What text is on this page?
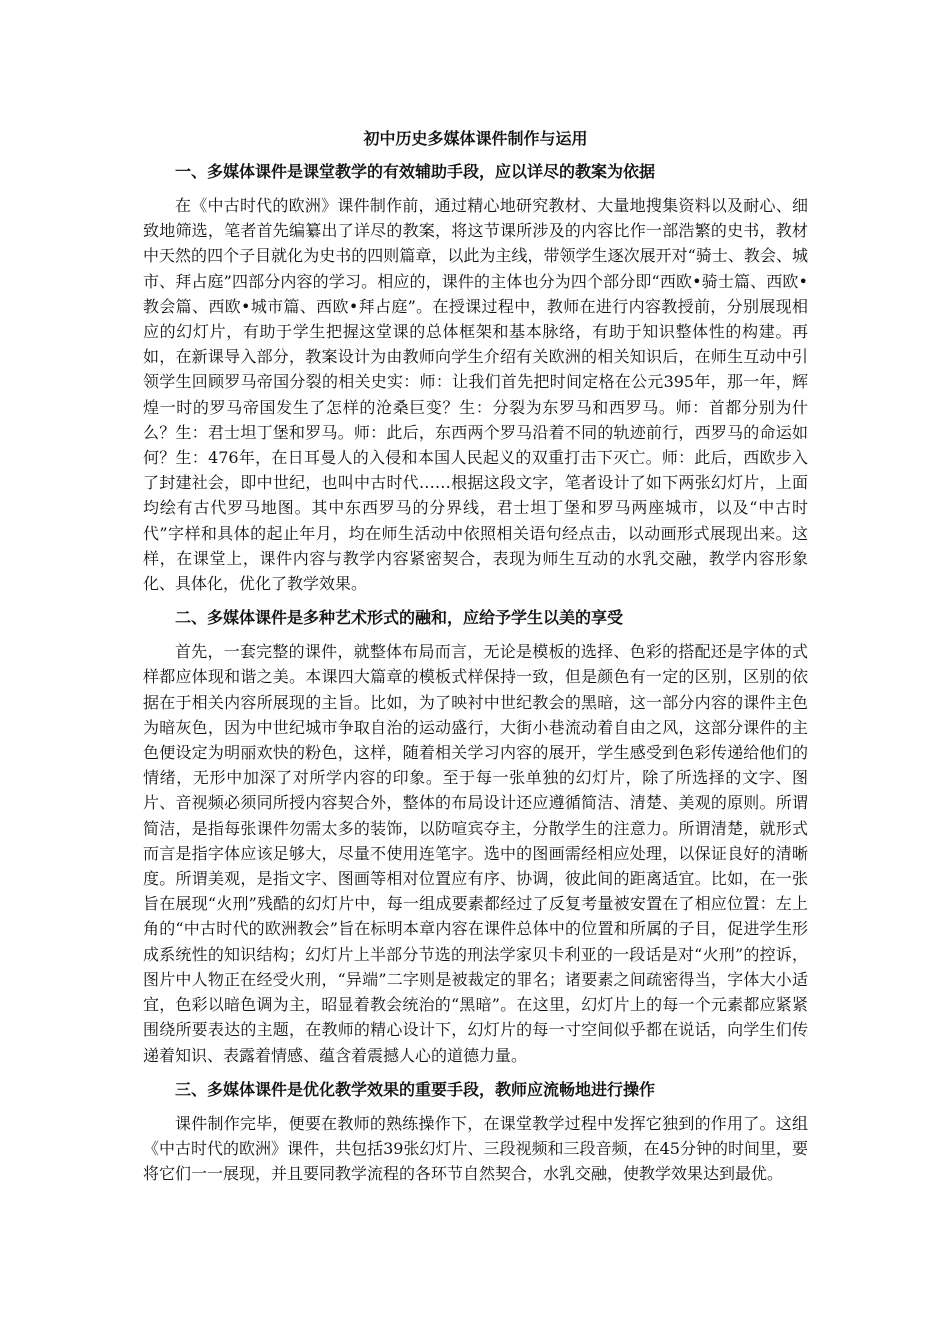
初中历史多媒体课件制作与运用
一、多媒体课件是课堂教学的有效辅助手段，应以详尽的教案为依据

在《中古时代的欧洲》课件制作前，通过精心地研究教材、大量地搜集资料以及耐心、细致地筛选，笔者首先编纂出了详尽的教案，将这节课所涉及的内容比作一部浩繁的史书，教材中天然的四个子目就化为史书的四则篇章，以此为主线，带领学生逐次展开对“骑士、教会、城市、拜占庭”四部分内容的学习。相应的，课件的主体也分为四个部分即“西欧•骑士篇、西欧•教会篇、西欧•城市篇、西欧•拜占庭”。在授课过程中，教师在进行内容教授前，分别展现相应的幻灯片，有助于学生把握这堂课的总体框架和基本脉络，有助于知识整体性的构建。再如，在新课导入部分，教案设计为由教师向学生介绍有关欧洲的相关知识后，在师生互动中引领学生回顾罗马帝国分裂的相关史实：师：让我们首先把时间定格在公元395年，那一年，辉煌一时的罗马帝国发生了怎样的沧桑巨变？生：分裂为东罗马和西罗马。师：首都分别为什么？生：君士坦丁堡和罗马。师：此后，东西两个罗马沿着不同的轨迹前行，西罗马的命运如何？生：476年，在日耳曼人的入侵和本国人民起义的双重打击下灭亡。师：此后，西欧步入了封建社会，即中世纪，也叫中古时代……根据这段文字，笔者设计了如下两张幻灯片，上面均绘有古代罗马地图。其中东西罗马的分界线，君士坦丁堡和罗马两座城市，以及“中古时代”字样和具体的起止年月，均在师生活动中依照相关语句经点击，以动画形式展现出来。这样，在课堂上，课件内容与教学内容紧密契合，表现为师生互动的水乳交融，教学内容形象化、具体化，优化了教学效果。

二、多媒体课件是多种艺术形式的融和，应给予学生以美的享受

首先，一套完整的课件，就整体布局而言，无论是模板的选择、色彩的搭配还是字体的式样都应体现和谐之美。本课四大篇章的模板式样保持一致，但是颜色有一定的区别，区别的依据在于相关内容所展现的主旨。比如，为了映衬中世纪教会的黑暗，这一部分内容的课件主色为暗灰色，因为中世纪城市争取自治的运动盛行，大街小巷流动着自由之风，这部分课件的主色便设定为明丽欢快的粉色，这样，随着相关学习内容的展开，学生感受到色彩传递给他们的情绪，无形中加深了对所学内容的印象。至于每一张单独的幻灯片，除了所选择的文字、图片、音视频必须同所授内容契合外，整体的布局设计还应遵循简洁、清楚、美观的原则。所谓简洁，是指每张课件勿需太多的装饰，以防喧宾夺主，分散学生的注意力。所谓清楚，就形式而言是指字体应该足够大，尽量不使用连笔字。选中的图画需经相应处理，以保证良好的清晰度。所谓美观，是指文字、图画等相对位置应有序、协调，彼此间的距离适宜。比如，在一张旨在展现“火刑”残酷的幻灯片中，每一组成要素都经过了反复考量被安置在了相应位置：左上角的“中古时代的欧洲教会”旨在标明本章内容在课件总体中的位置和所属的子目，促进学生形成系统性的知识结构；幻灯片上半部分节选的刑法学家贝卡利亚的一段话是对“火刑”的控诉，图片中人物正在经受火刑，“异端”二字则是被裁定的罪名；诸要素之间疏密得当，字体大小适宜，色彩以暗色调为主，昭显着教会统治的“黑暗”。在这里，幻灯片上的每一个元素都应紧紧围绕所要表达的主题，在教师的精心设计下，幻灯片的每一寸空间似乎都在说话，向学生们传递着知识、表露着情感、蕴含着震撼人心的道德力量。

三、多媒体课件是优化教学效果的重要手段，教师应流畅地进行操作

课件制作完毕，便要在教师的熟练操作下，在课堂教学过程中发挥它独到的作用了。这组《中古时代的欧洲》课件，共包括39张幻灯片、三段视频和三段音频，在45分钟的时间里，要将它们一一展现，并且要同教学流程的各环节自然契合，水乳交融，使教学效果达到最优。
